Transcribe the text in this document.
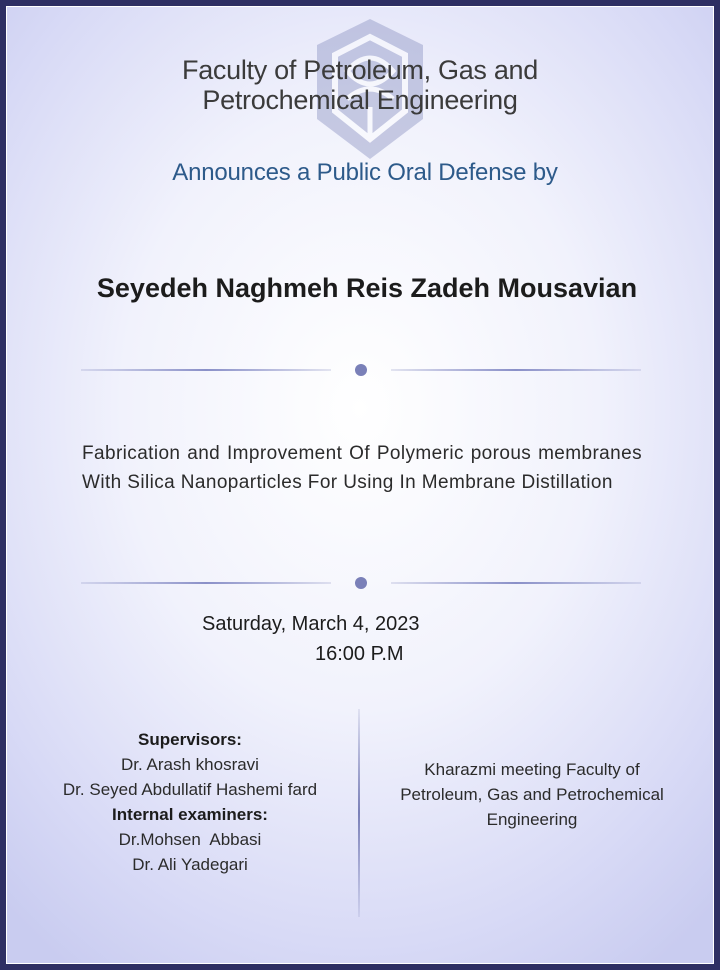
Faculty of Petroleum, Gas and
Petrochemical Engineering
Announces a Public Oral Defense by
Seyedeh Naghmeh Reis Zadeh Mousavian
Fabrication and Improvement Of Polymeric porous membranes With Silica Nanoparticles For Using In Membrane Distillation
Saturday, March 4, 2023
16:00 P.M
Supervisors:
Dr. Arash khosravi
Dr. Seyed Abdullatif Hashemi fard
Internal examiners:
Dr.Mohsen  Abbasi
Dr. Ali Yadegari
Kharazmi meeting Faculty of
Petroleum, Gas and Petrochemical
Engineering
